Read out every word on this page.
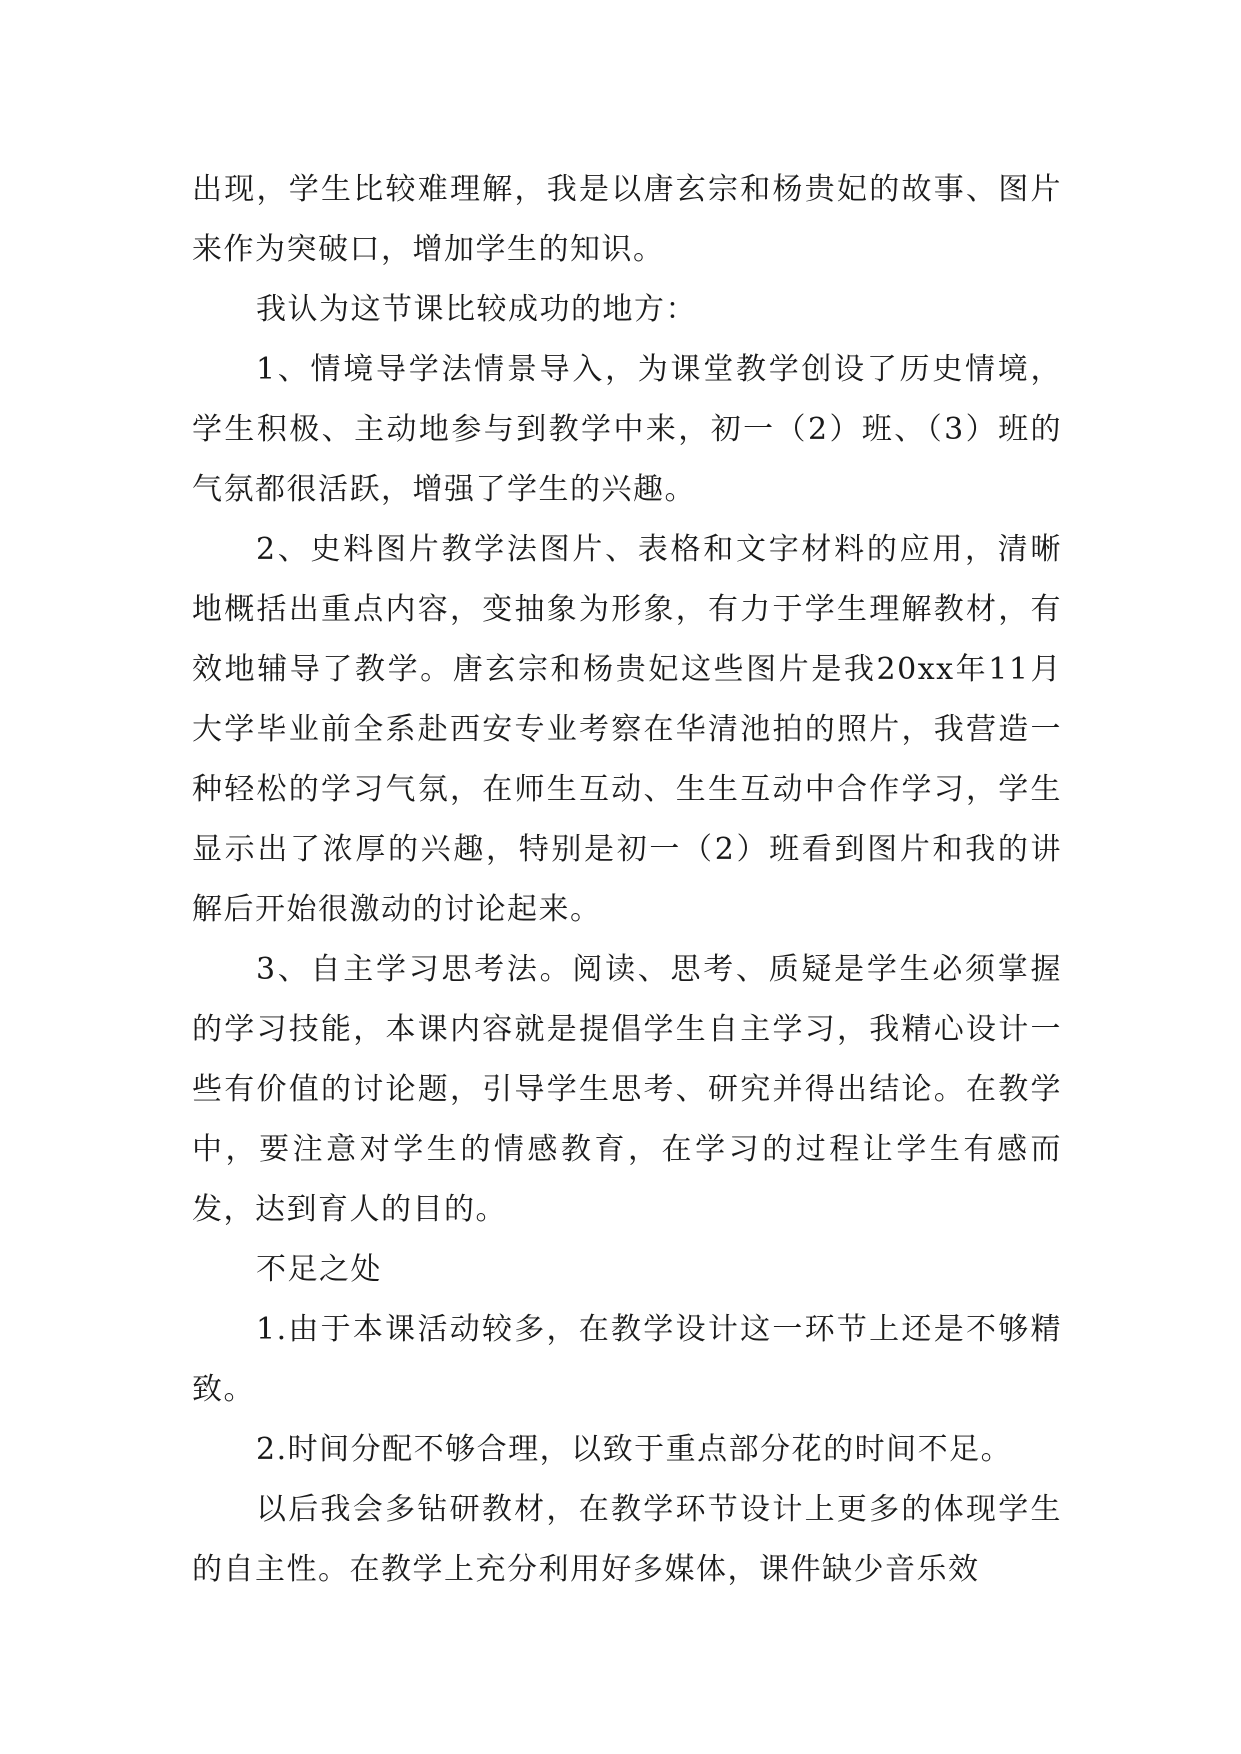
出现，学生比较难理解，我是以唐玄宗和杨贵妃的故事、图片来作为突破口，增加学生的知识。

我认为这节课比较成功的地方：

1、情境导学法情景导入，为课堂教学创设了历史情境，学生积极、主动地参与到教学中来，初一（2）班、（3）班的气氛都很活跃，增强了学生的兴趣。

2、史料图片教学法图片、表格和文字材料的应用，清晰地概括出重点内容，变抽象为形象，有力于学生理解教材，有效地辅导了教学。唐玄宗和杨贵妃这些图片是我20xx年11月大学毕业前全系赴西安专业考察在华清池拍的照片，我营造一种轻松的学习气氛，在师生互动、生生互动中合作学习，学生显示出了浓厚的兴趣，特别是初一（2）班看到图片和我的讲解后开始很激动的讨论起来。

3、自主学习思考法。阅读、思考、质疑是学生必须掌握的学习技能，本课内容就是提倡学生自主学习，我精心设计一些有价值的讨论题，引导学生思考、研究并得出结论。在教学中，要注意对学生的情感教育，在学习的过程让学生有感而发，达到育人的目的。

不足之处

1.由于本课活动较多，在教学设计这一环节上还是不够精致。

2.时间分配不够合理，以致于重点部分花的时间不足。

以后我会多钻研教材，在教学环节设计上更多的体现学生的自主性。在教学上充分利用好多媒体，课件缺少音乐效
